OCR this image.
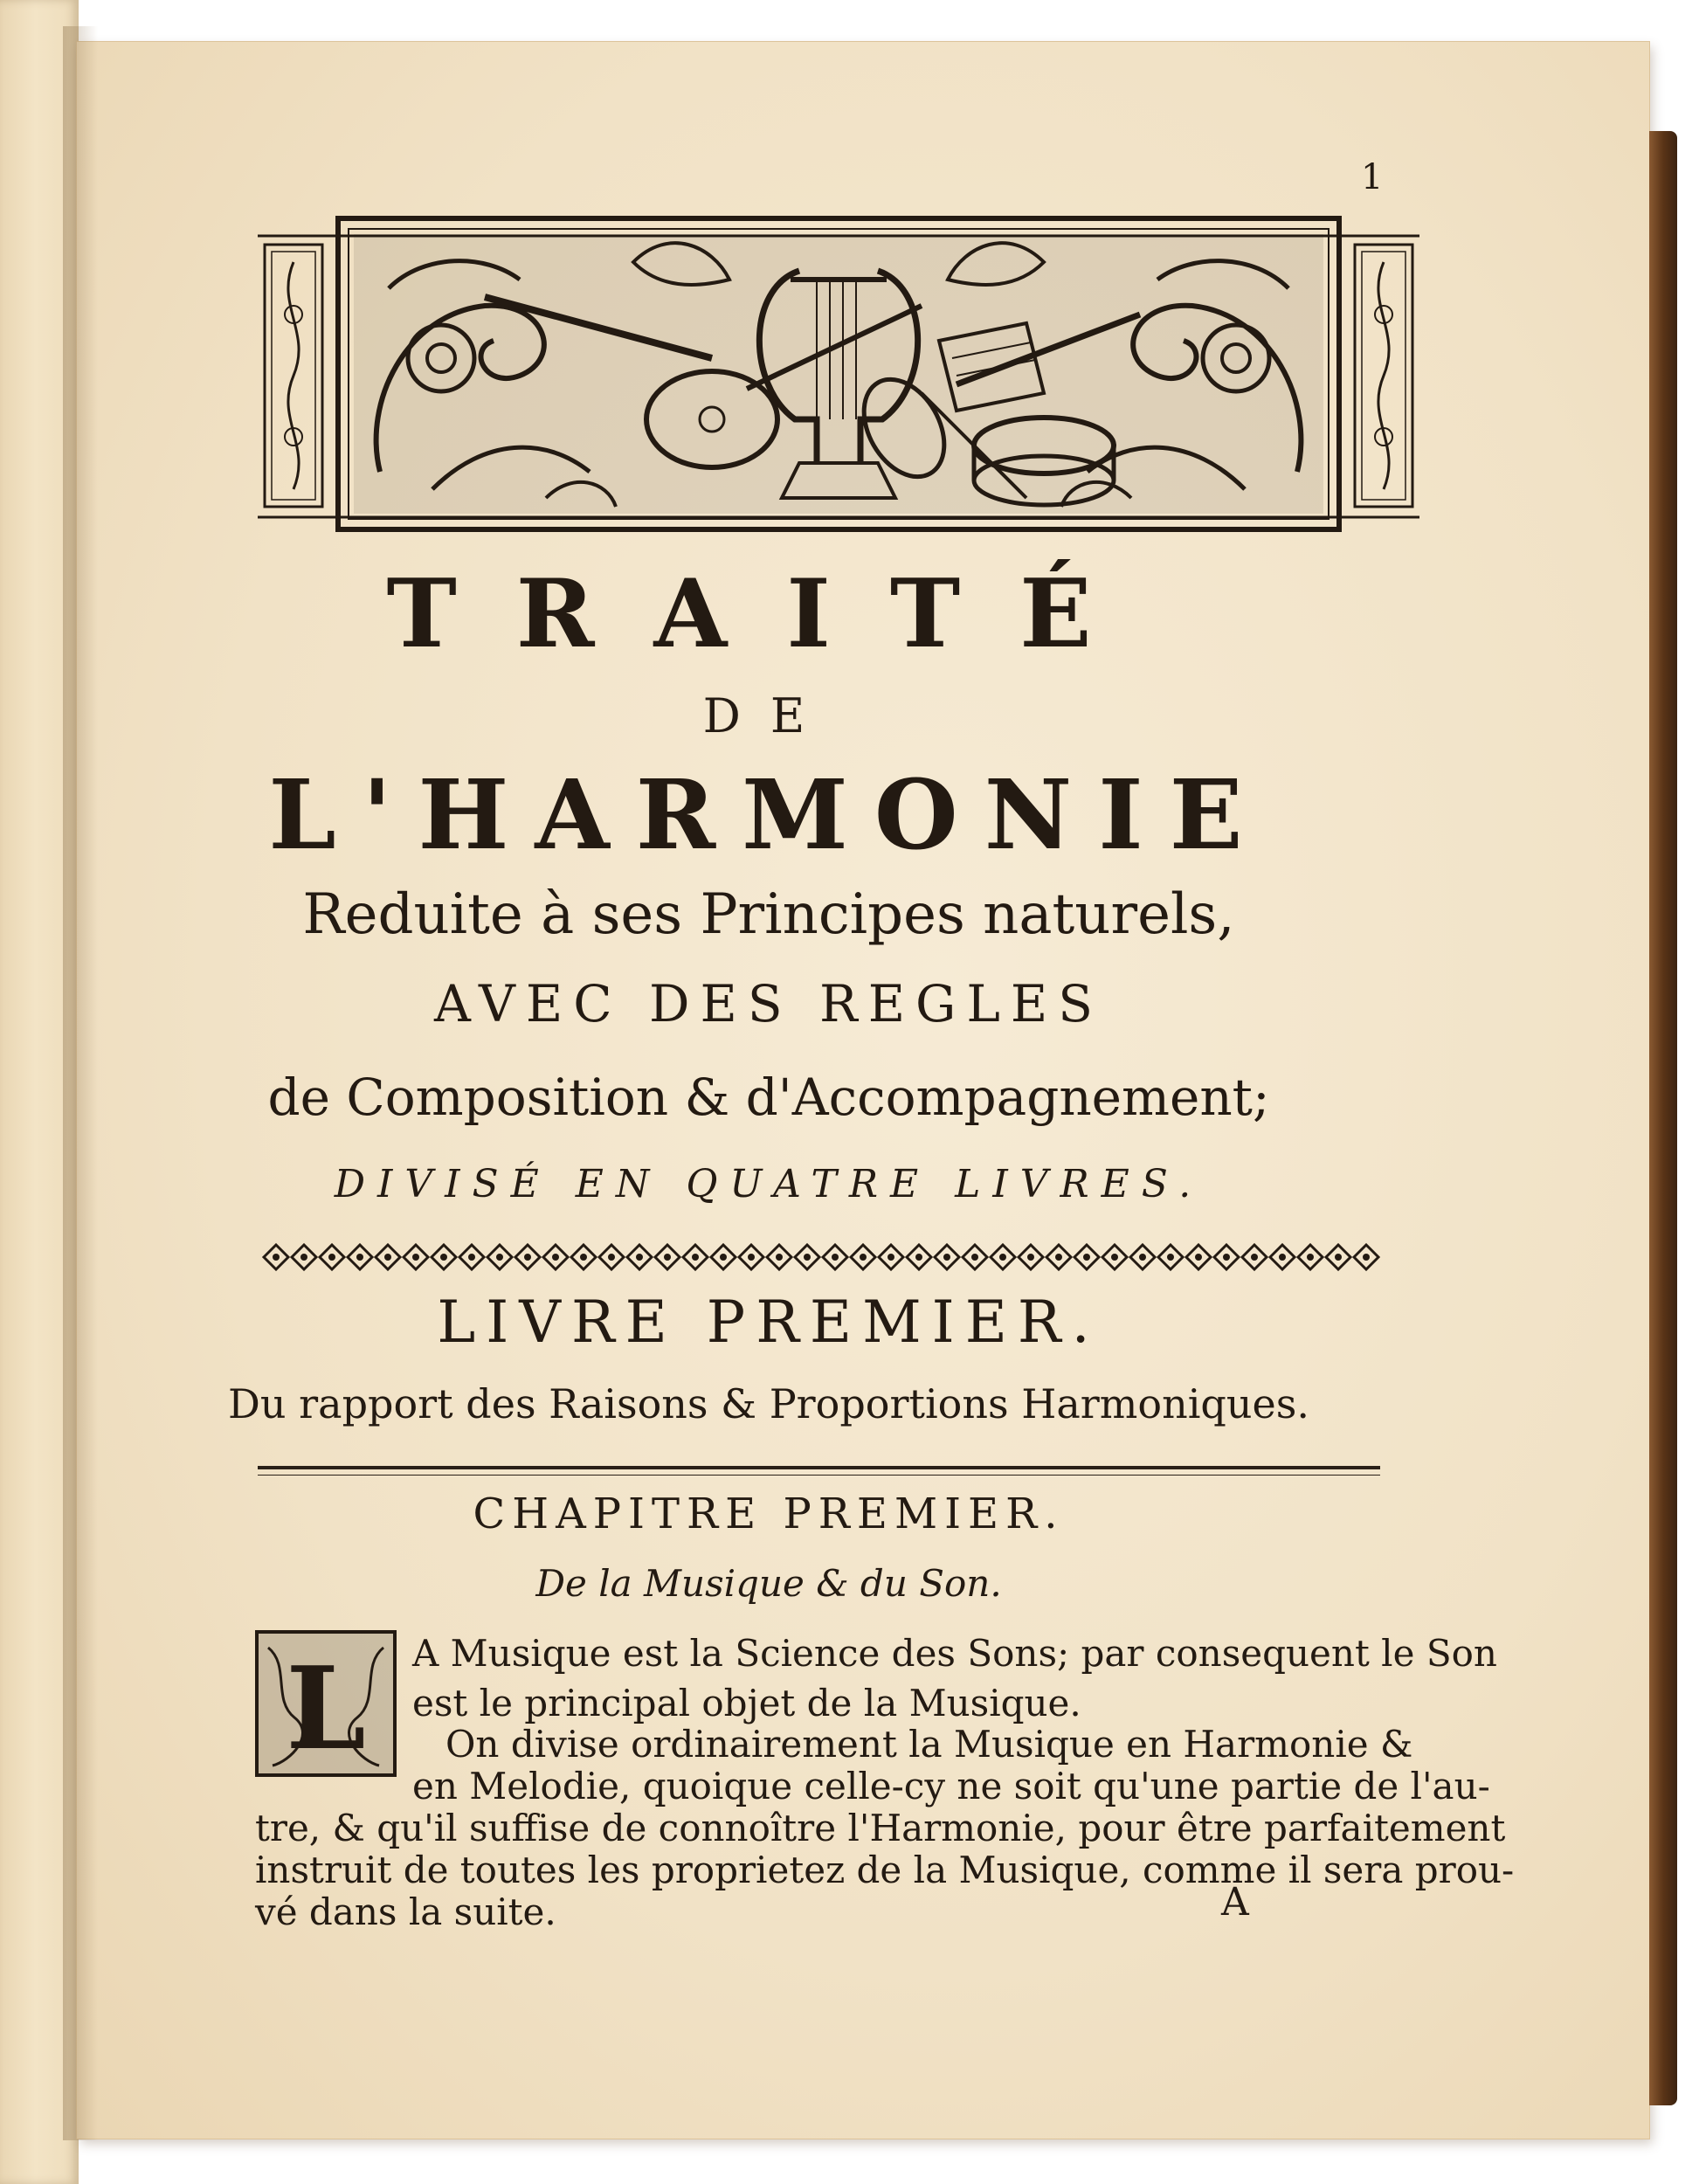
1
TRAITÉ
DE
L'HARMONIE
Reduite à ses Principes naturels,
AVEC DES REGLES
de Composition & d'Accompagnement;
DIVISÉ EN QUATRE LIVRES.
LIVRE PREMIER.
Du rapport des Raisons & Proportions Harmoniques.
CHAPITRE PREMIER.
De la Musique & du Son.
L A Musique est la Science des Sons; par consequent le Son
est le principal objet de la Musique.
On divise ordinairement la Musique en Harmonie &
en Melodie, quoique celle-cy ne soit qu'une partie de l'au-
tre, & qu'il suffise de connoître l'Harmonie, pour être parfaitement
instruit de toutes les proprietez de la Musique, comme il sera prou-
vé dans la suite.	A
